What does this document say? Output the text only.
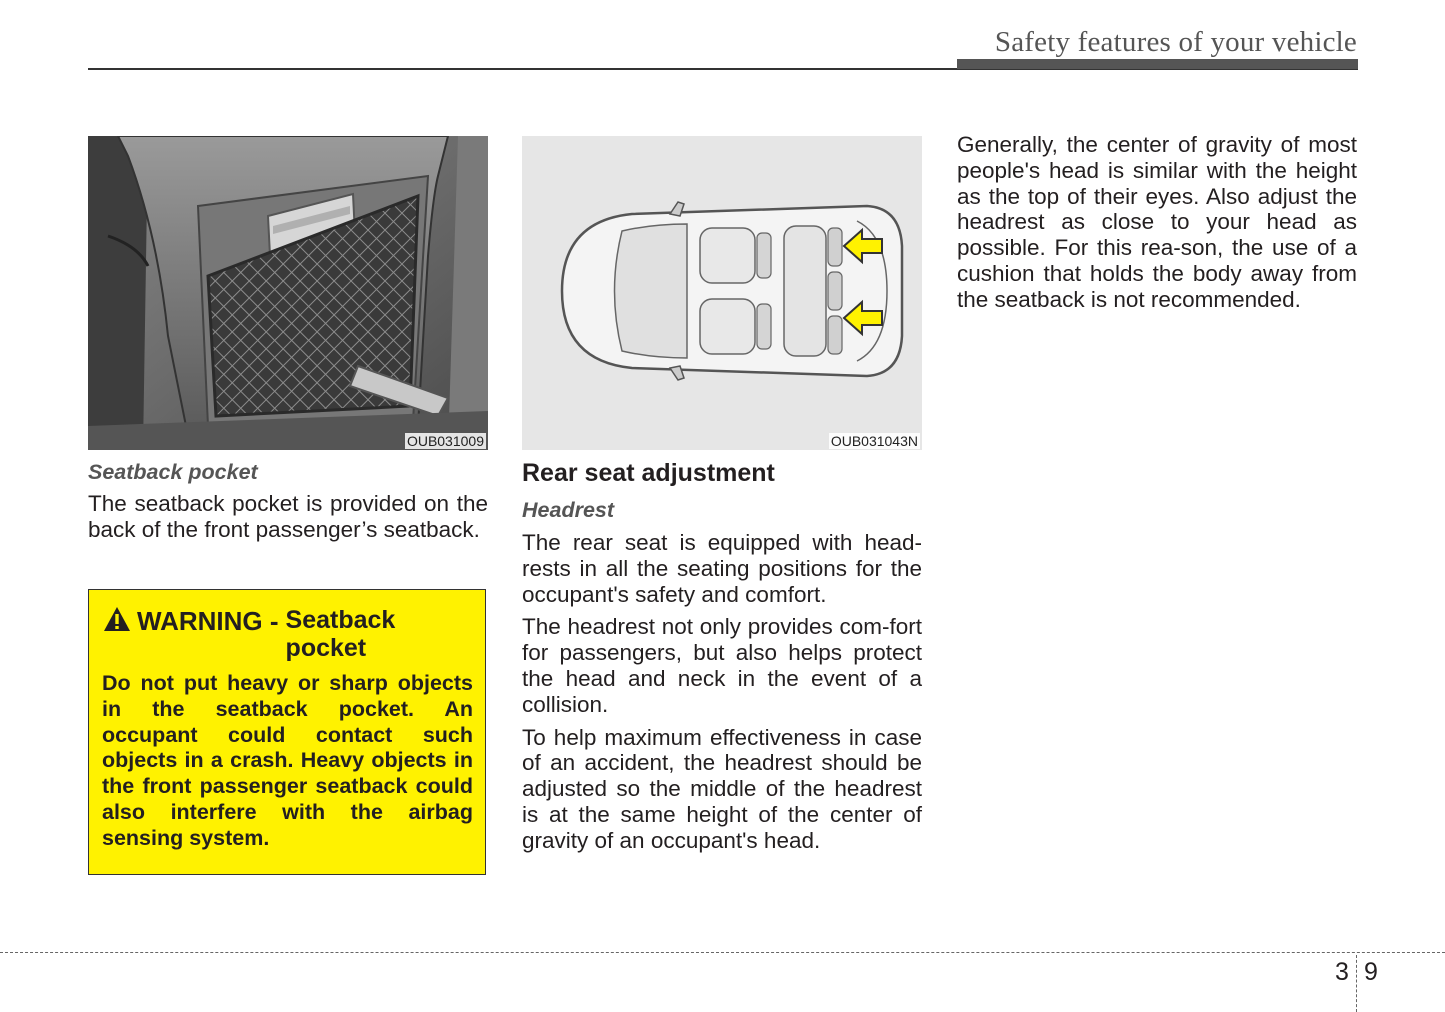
Safety features of your vehicle
OUB031009	OUB031043N
Seatback pocket

The seatback pocket is provided on the back of the front passenger’s seatback.

WARNING - Seatback pocket
Do not put heavy or sharp objects in the seatback pocket. An occupant could contact such objects in a crash. Heavy objects in the front passenger seatback could also interfere with the airbag sensing system.
Rear seat adjustment
Headrest

The rear seat is equipped with head-rests in all the seating positions for the occupant's safety and comfort.

The headrest not only provides com-fort for passengers, but also helps protect the head and neck in the event of a collision.

To help maximum effectiveness in case of an accident, the headrest should be adjusted so the middle of the headrest is at the same height of the center of gravity of an occupant's head.

Generally, the center of gravity of most people's head is similar with the height as the top of their eyes. Also adjust the headrest as close to your head as possible. For this rea-son, the use of a cushion that holds the body away from the seatback is not recommended.

3 9
